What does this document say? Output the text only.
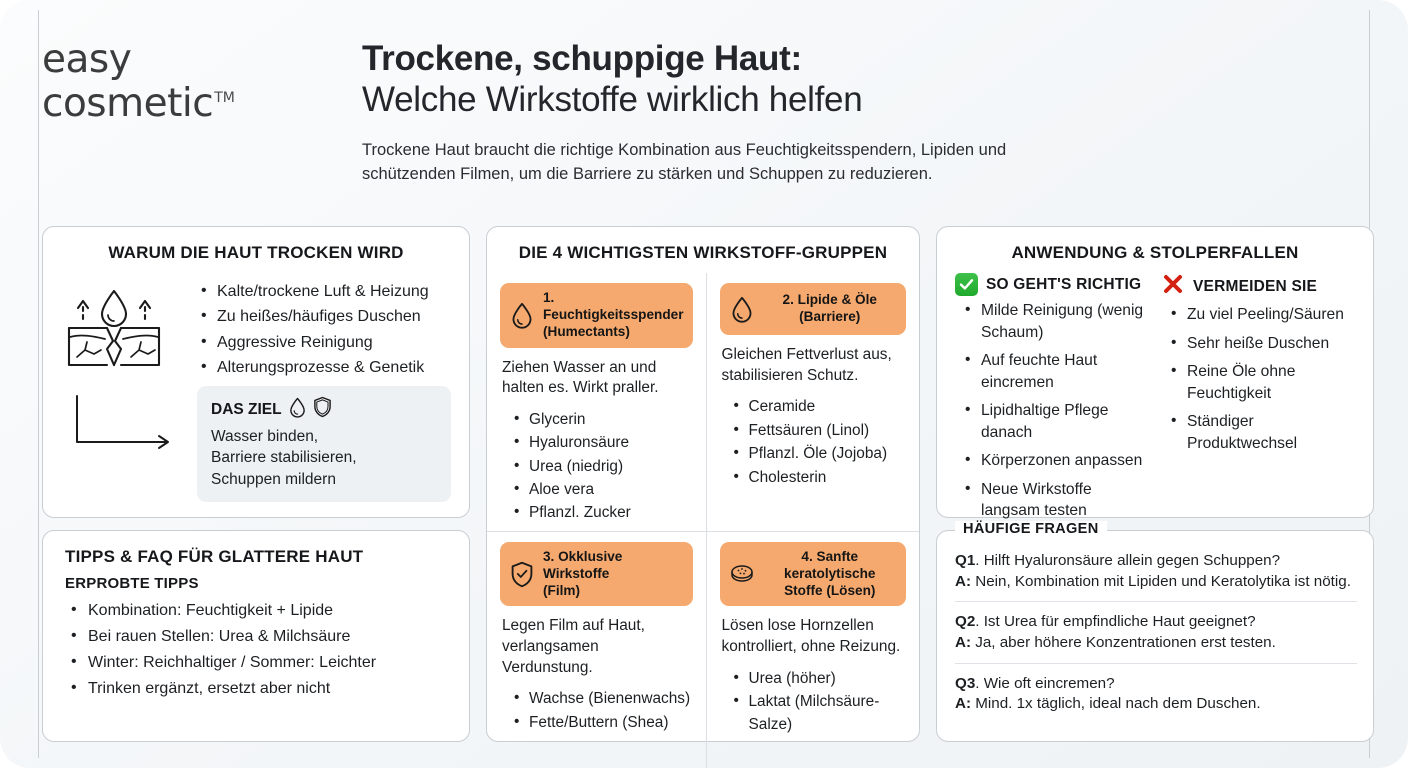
easy
cosmetic™
Trockene, schuppige Haut:
Welche Wirkstoffe wirklich helfen
Trockene Haut braucht die richtige Kombination aus Feuchtigkeitsspendern, Lipiden und
schützenden Filmen, um die Barriere zu stärken und Schuppen zu reduzieren.
WARUM DIE HAUT TROCKEN WIRD
• Kalte/trockene Luft & Heizung
• Zu heißes/häufiges Duschen
• Aggressive Reinigung
• Alterungsprozesse & Genetik
DAS ZIEL
Wasser binden,
Barriere stabilisieren,
Schuppen mildern
TIPPS & FAQ FÜR GLATTERE HAUT
ERPROBTE TIPPS
• Kombination: Feuchtigkeit + Lipide
• Bei rauen Stellen: Urea & Milchsäure
• Winter: Reichhaltiger / Sommer: Leichter
• Trinken ergänzt, ersetzt aber nicht
DIE 4 WICHTIGSTEN WIRKSTOFF-GRUPPEN
1. Feuchtigkeitsspender
(Humectants)
Ziehen Wasser an und
halten es. Wirkt praller.
• Glycerin
• Hyaluronsäure
• Urea (niedrig)
• Aloe vera
• Pflanzl. Zucker
2. Lipide & Öle
(Barriere)
Gleichen Fettverlust aus,
stabilisieren Schutz.
• Ceramide
• Fettsäuren (Linol)
• Pflanzl. Öle (Jojoba)
• Cholesterin
3. Okklusive Wirkstoffe
(Film)
Legen Film auf Haut,
verlangsamen Verdunstung.
• Wachse (Bienenwachs)
• Fette/Buttern (Shea)
4. Sanfte keratolytische
Stoffe (Lösen)
Lösen lose Hornzellen
kontrolliert, ohne Reizung.
• Urea (höher)
• Laktat (Milchsäure-Salze)
ANWENDUNG & STOLPERFALLEN
SO GEHT'S RICHTIG
• Milde Reinigung (wenig Schaum)
• Auf feuchte Haut eincremen
• Lipidhaltige Pflege danach
• Körperzonen anpassen
• Neue Wirkstoffe langsam testen
VERMEIDEN SIE
• Zu viel Peeling/Säuren
• Sehr heiße Duschen
• Reine Öle ohne Feuchtigkeit
• Ständiger Produktwechsel
HÄUFIGE FRAGEN
Q1. Hilft Hyaluronsäure allein gegen Schuppen?
A: Nein, Kombination mit Lipiden und Keratolytika ist nötig.
Q2. Ist Urea für empfindliche Haut geeignet?
A: Ja, aber höhere Konzentrationen erst testen.
Q3. Wie oft eincremen?
A: Mind. 1x täglich, ideal nach dem Duschen.
